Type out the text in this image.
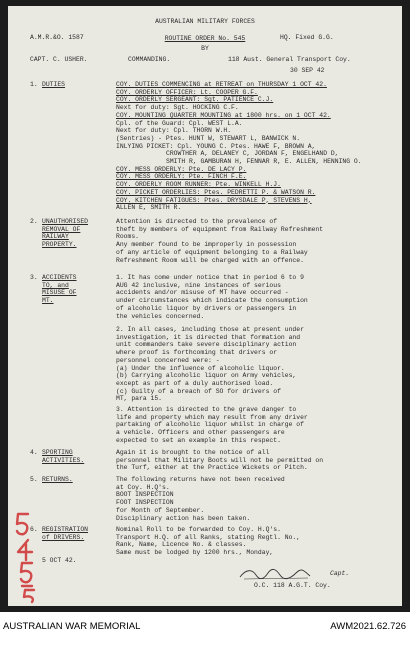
AUSTRALIAN MILITARY FORCES
A.M.R.&O. 1587	HQ. Fixed G.G.
ROUTINE ORDER No. 545
BY
CAPT. C. USHER.	COMMANDING.	118 Aust. General Transport Coy.
30 SEP 42
1. DUTIES	COY. DUTIES COMMENCING at RETREAT on THURSDAY 1 OCT 42.
COY. ORDERLY OFFICER: Lt. COOPER G.F.
COY. ORDERLY SERGEANT: Sgt. PATIENCE C.J.
Next for duty: Sgt. HOCKING C.F.
COY. MOUNTING QUARTER MOUNTING at 1800 hrs. on 1 OCT 42.
Cpl. of the Guard: Cpl. WEST L.A.
Next for duty: Cpl. THORN W.H.
(Sentries) - Ptes. HUNT W, STEWART L, BANWICK N.
INLYING PICKET: Cpl. YOUNG C. Ptes. HAWE F, BROWN A,
CROWTHER A, DELANEY C, JORDAN F, ENGELHAND D,
SMITH R, GAMBURAN H, FENNAR R, E. ALLEN, HENNING O.
COY. MESS ORDERLY: Pte. DE LACY P.
COY. MESS ORDERLY: Pte. FINCH F.E.
COY. ORDERLY ROOM RUNNER: Pte. WINKELL H.J.
COY. PICKET ORDERLIES: Ptes. PEDRETTI P. & WATSON R.
COY. KITCHEN FATIGUES: Ptes. DRYSDALE P, STEVENS H,
ALLEN E, SMITH R.
2. UNAUTHORISED
REMOVAL OF
RAILWAY
PROPERTY.
Attention is directed to the prevalence of
theft by members of equipment from Railway Refreshment
Rooms.
Any member found to be improperly in possession
of any article of equipment belonging to a Railway
Refreshment Room will be charged with an offence.
3. ACCIDENTS
TO, and
MISUSE OF
MT.
1. It has come under notice that in period 6 to 9
AUG 42 inclusive, nine instances of serious
accidents and/or misuse of MT have occurred -
under circumstances which indicate the consumption
of alcoholic liquor by drivers or passengers in
the vehicles concerned.
2. In all cases, including those at present under
investigation, it is directed that formation and
unit commanders take severe disciplinary action
where proof is forthcoming that drivers or
personnel concerned were: -
(a) Under the influence of alcoholic liquor.
(b) Carrying alcoholic liquor on Army vehicles,
except as part of a duly authorised load.
(c) Guilty of a breach of SO for drivers of
MT, para 15.
3. Attention is directed to the grave danger to
life and property which may result from any driver
partaking of alcoholic liquor whilst in charge of
a vehicle. Officers and other passengers are
expected to set an example in this respect.
4. SPORTING
ACTIVITIES.
Again it is brought to the notice of all
personnel that Military Boots will not be permitted on
the Turf, either at the Practice Wickets or Pitch.
5. RETURNS.	The following returns have not been received
at Coy. H.Q's.
BOOT INSPECTION
FOOT INSPECTION
for Month of September.
Disciplinary action has been taken.
6. REGISTRATION
of DRIVERS.
Nominal Roll to be forwarded to Coy. H.Q's.
Transport H.Q. of all Ranks, stating Regtl. No.,
Rank, Name, Licence No. & classes.
Same must be lodged by 1200 hrs., Monday,
5 OCT 42.
Capt.
O.C. 118 A.G.T. Coy.
AUSTRALIAN WAR MEMORIAL	AWM2021.62.726
